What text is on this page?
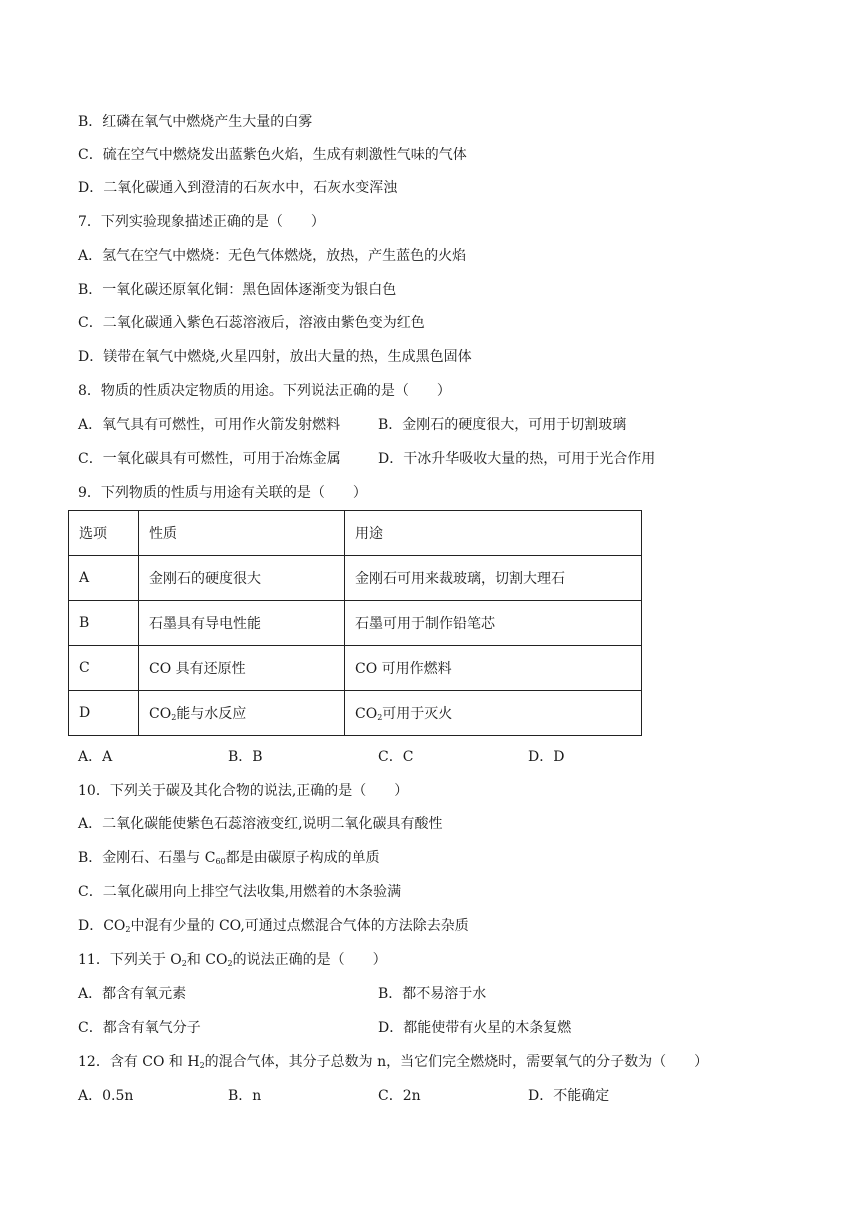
B．红磷在氧气中燃烧产生大量的白雾
C．硫在空气中燃烧发出蓝紫色火焰，生成有刺激性气味的气体
D．二氧化碳通入到澄清的石灰水中，石灰水变浑浊
7．下列实验现象描述正确的是（　　）
A．氢气在空气中燃烧：无色气体燃烧，放热，产生蓝色的火焰
B．一氧化碳还原氧化铜：黑色固体逐渐变为银白色
C．二氧化碳通入紫色石蕊溶液后，溶液由紫色变为红色
D．镁带在氧气中燃烧,火星四射，放出大量的热，生成黑色固体
8．物质的性质决定物质的用途。下列说法正确的是（　　）
A．氧气具有可燃性，可用作火箭发射燃料	B．金刚石的硬度很大，可用于切割玻璃
C．一氧化碳具有可燃性，可用于冶炼金属	D．干冰升华吸收大量的热，可用于光合作用
9．下列物质的性质与用途有关联的是（　　）
选项	性质	用途
A	金刚石的硬度很大	金刚石可用来裁玻璃，切割大理石
B	石墨具有导电性能	石墨可用于制作铅笔芯
C	CO 具有还原性	CO 可用作燃料
D	$CO_2$能与水反应	$CO_2$可用于灭火
A．A	B．B	C．C	D．D
10．下列关于碳及其化合物的说法,正确的是（　　）
A．二氧化碳能使紫色石蕊溶液变红,说明二氧化碳具有酸性
B．金刚石、石墨与 $C_{60}$都是由碳原子构成的单质
C．二氧化碳用向上排空气法收集,用燃着的木条验满
D．$CO_2$中混有少量的 CO,可通过点燃混合气体的方法除去杂质
11．下列关于 $O_2$和 $CO_2$的说法正确的是（　　）
A．都含有氧元素	B．都不易溶于水
C．都含有氧气分子	D．都能使带有火星的木条复燃
12．含有 CO 和 $H_2$的混合气体，其分子总数为 n，当它们完全燃烧时，需要氧气的分子数为（　　）
A．0.5n	B．n	C．2n	D．不能确定
